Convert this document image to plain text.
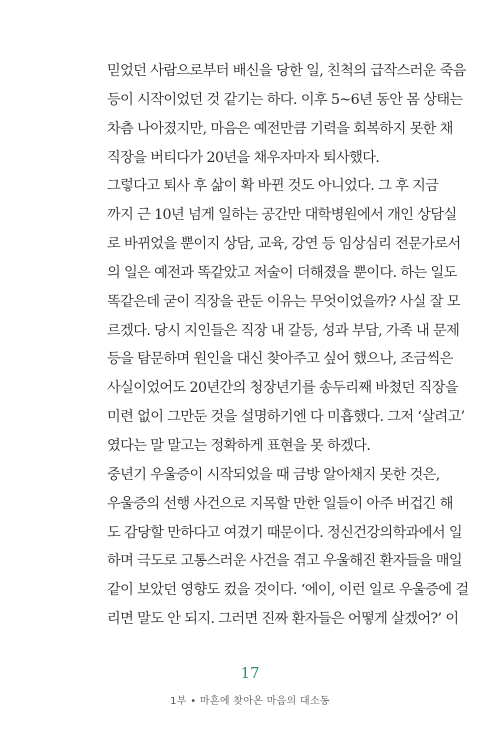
믿었던 사람으로부터 배신을 당한 일, 친척의 급작스러운 죽음
등이 시작이었던 것 같기는 하다. 이후 5~6년 동안 몸 상태는
차츰 나아졌지만, 마음은 예전만큼 기력을 회복하지 못한 채
직장을 버티다가 20년을 채우자마자 퇴사했다.
그렇다고 퇴사 후 삶이 확 바뀐 것도 아니었다. 그 후 지금
까지 근 10년 넘게 일하는 공간만 대학병원에서 개인 상담실
로 바뀌었을 뿐이지 상담, 교육, 강연 등 임상심리 전문가로서
의 일은 예전과 똑같았고 저술이 더해졌을 뿐이다. 하는 일도
똑같은데 굳이 직장을 관둔 이유는 무엇이었을까? 사실 잘 모
르겠다. 당시 지인들은 직장 내 갈등, 성과 부담, 가족 내 문제
등을 탐문하며 원인을 대신 찾아주고 싶어 했으나, 조금씩은
사실이었어도 20년간의 청장년기를 송두리째 바쳤던 직장을
미련 없이 그만둔 것을 설명하기엔 다 미흡했다. 그저 ‘살려고’
였다는 말 말고는 정확하게 표현을 못 하겠다.
중년기 우울증이 시작되었을 때 금방 알아채지 못한 것은,
우울증의 선행 사건으로 지목할 만한 일들이 아주 버겁긴 해
도 감당할 만하다고 여겼기 때문이다. 정신건강의학과에서 일
하며 극도로 고통스러운 사건을 겪고 우울해진 환자들을 매일
같이 보았던 영향도 컸을 것이다. ‘에이, 이런 일로 우울증에 걸
리면 말도 안 되지. 그러면 진짜 환자들은 어떻게 살겠어?’ 이
17
1부 • 마흔에 찾아온 마음의 대소동
